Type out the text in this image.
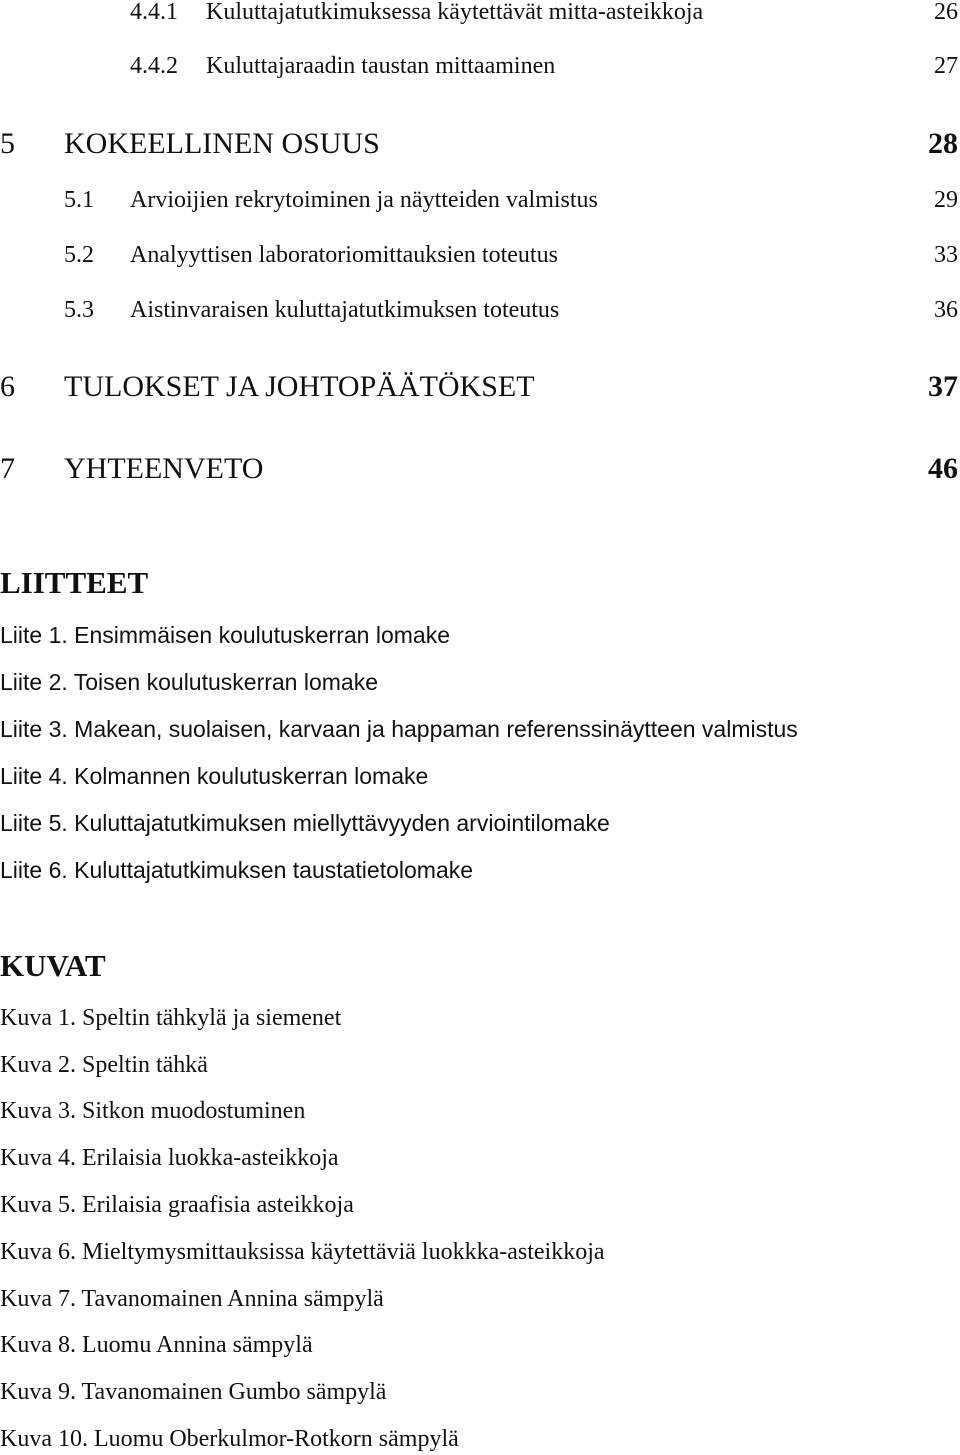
4.4.1 Kuluttajatutkimuksessa käytettävät mitta-asteikkoja	26
4.4.2 Kuluttajaraadin taustan mittaaminen	27
5 KOKEELLINEN OSUUS	28
5.1 Arvioijien rekrytoiminen ja näytteiden valmistus	29
5.2 Analyyttisen laboratoriomittauksien toteutus	33
5.3 Aistinvaraisen kuluttajatutkimuksen toteutus	36
6 TULOKSET JA JOHTOPÄÄTÖKSET	37
7 YHTEENVETO	46
LIITTEET
Liite 1. Ensimmäisen koulutuskerran lomake
Liite 2. Toisen koulutuskerran lomake
Liite 3. Makean, suolaisen, karvaan ja happaman referenssinäytteen valmistus
Liite 4. Kolmannen koulutuskerran lomake
Liite 5. Kuluttajatutkimuksen miellyttävyyden arviointilomake
Liite 6. Kuluttajatutkimuksen taustatietolomake
KUVAT
Kuva 1. Speltin tähkylä ja siemenet
Kuva 2. Speltin tähkä
Kuva 3. Sitkon muodostuminen
Kuva 4. Erilaisia luokka-asteikkoja
Kuva 5. Erilaisia graafisia asteikkoja
Kuva 6. Mieltymysmittauksissa käytettäviä luokkka-asteikkoja
Kuva 7. Tavanomainen Annina sämpylä
Kuva 8. Luomu Annina sämpylä
Kuva 9. Tavanomainen Gumbo sämpylä
Kuva 10. Luomu Oberkulmor-Rotkorn sämpylä
